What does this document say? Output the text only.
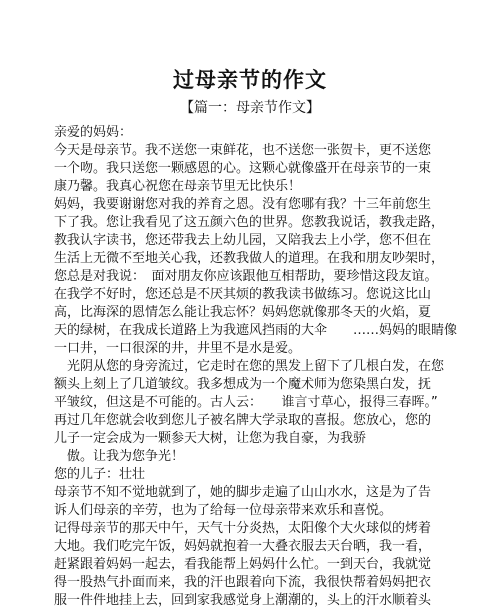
过母亲节的作文
【篇一：母亲节作文】
亲爱的妈妈：
今天是母亲节。我不送您一束鲜花，也不送您一张贺卡，更不送您
一个吻。我只送您一颗感恩的心。这颗心就像盛开在母亲节的一束
康乃馨。我真心祝您在母亲节里无比快乐！
妈妈，我要谢谢您对我的养育之恩。没有您哪有我？十三年前您生
下了我。您让我看见了这五颜六色的世界。您教我说话，教我走路，
教我认字读书，您还带我去上幼儿园，又陪我去上小学，您不但在
生活上无微不至地关心我，还教我做人的道理。在我和朋友吵架时，
您总是对我说：　面对朋友你应该跟他互相帮助，要珍惜这段友谊。
在我学不好时，您还总是不厌其烦的教我读书做练习。您说这比山
高，比海深的恩情怎么能让我忘怀？妈妈您就像那冬天的火焰，夏
天的绿树，在我成长道路上为我遮风挡雨的大伞　　……妈妈的眼睛像
一口井，一口很深的井，井里不是水是爱。
　光阴从您的身旁流过，它走时在您的黑发上留下了几根白发，在您
额头上刻上了几道皱纹。我多想成为一个魔术师为您染黑白发，抚
平皱纹，但这是不可能的。古人云：　　谁言寸草心，报得三春晖。”
再过几年您就会收到您儿子被名牌大学录取的喜报。您放心，您的
儿子一定会成为一颗参天大树，让您为我自豪，为我骄
　傲。让我为您争光！
您的儿子：壮壮
母亲节不知不觉地就到了，她的脚步走遍了山山水水，这是为了告
诉人们母亲的辛劳，也为了给每一位母亲带来欢乐和喜悦。
记得母亲节的那天中午，天气十分炎热，太阳像个大火球似的烤着
大地。我们吃完午饭，妈妈就抱着一大叠衣服去天台晒，我一看，
赶紧跟着妈妈一起去，看我能帮上妈妈什么忙。一到天台，我就觉
得一股热气扑面而来，我的汗也跟着向下流，我很快帮着妈妈把衣
服一件件地挂上去，回到家我感觉身上潮潮的，头上的汗水顺着头
